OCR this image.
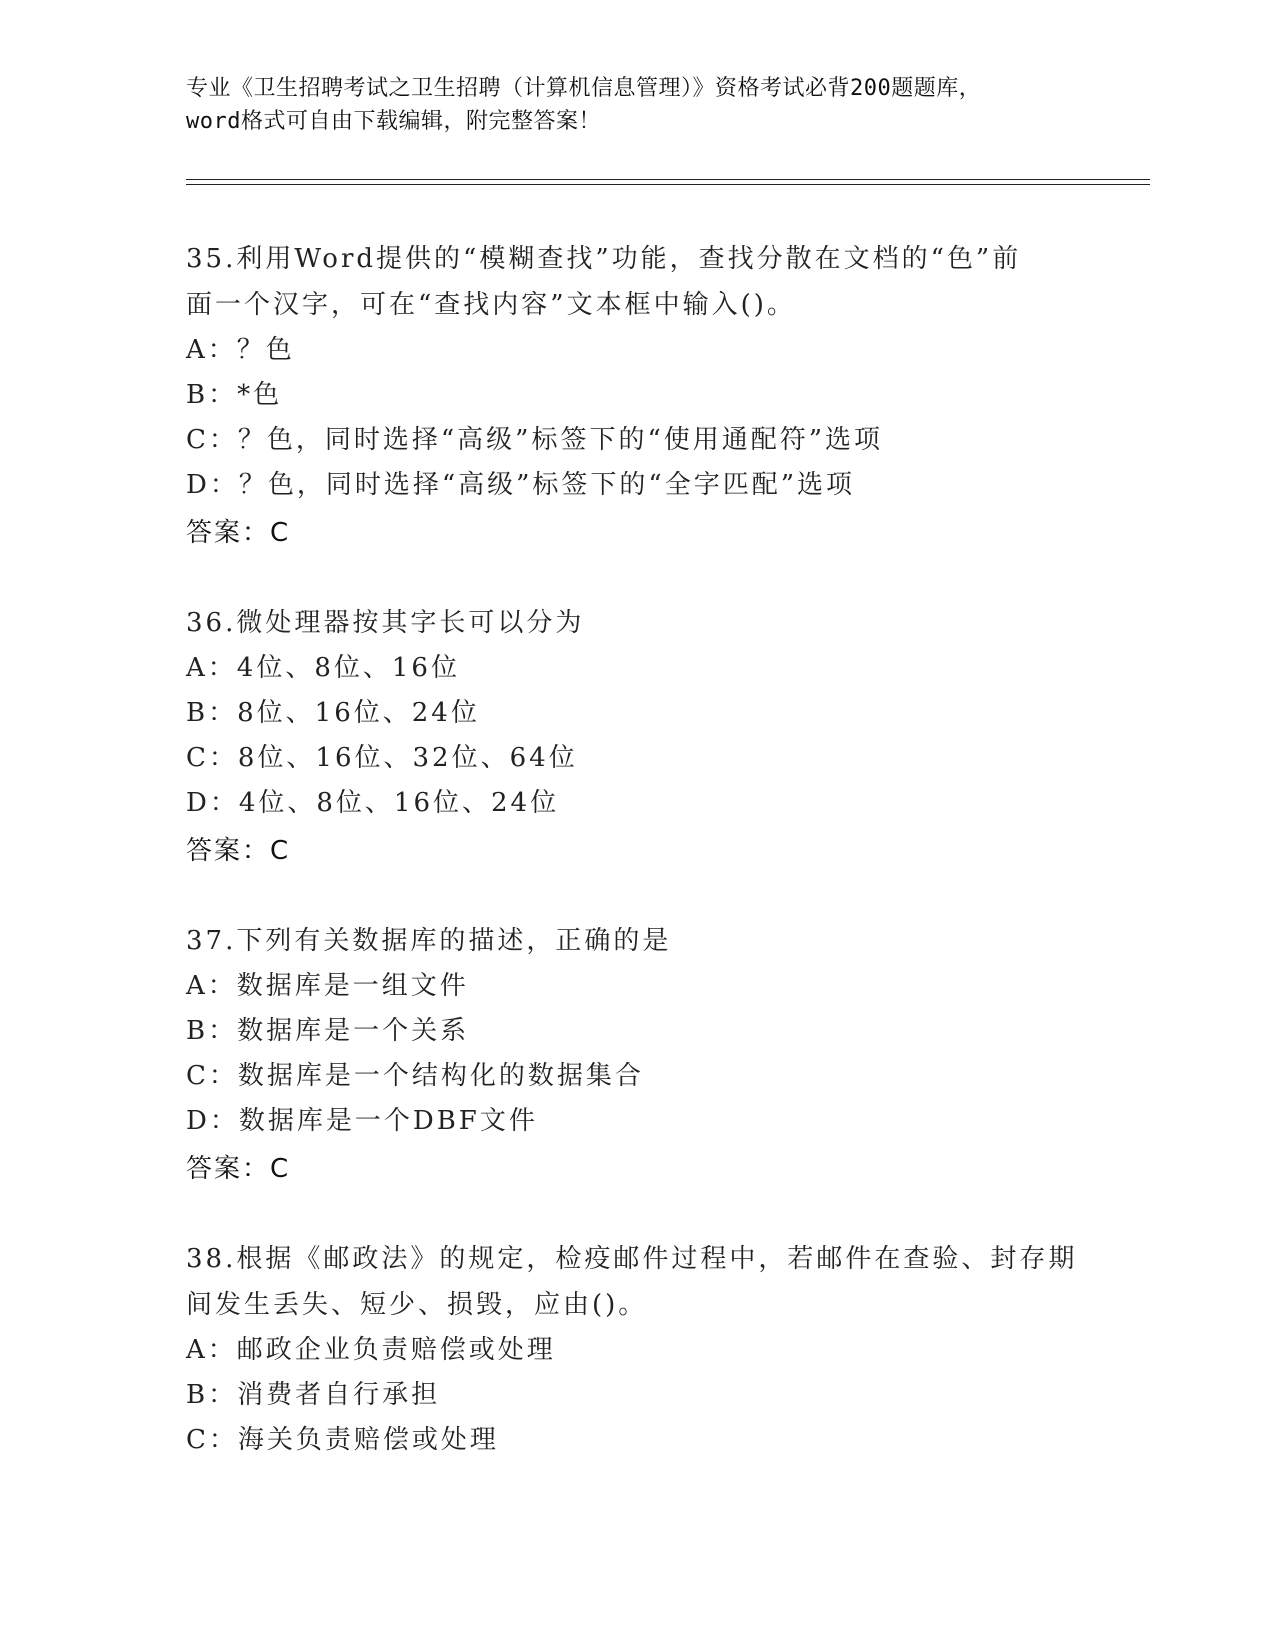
专业《卫生招聘考试之卫生招聘（计算机信息管理）》资格考试必背200题题库，
word格式可自由下载编辑，附完整答案！
35.利用Word提供的“模糊查找”功能，查找分散在文档的“色”前
面一个汉字，可在“查找内容”文本框中输入()。
A：？色
B：*色
C：？色，同时选择“高级”标签下的“使用通配符”选项
D：？色，同时选择“高级”标签下的“全字匹配”选项
答案：C
36.微处理器按其字长可以分为
A：4位、8位、16位
B：8位、16位、24位
C：8位、16位、32位、64位
D：4位、8位、16位、24位
答案：C
37.下列有关数据库的描述，正确的是
A：数据库是一组文件
B：数据库是一个关系
C：数据库是一个结构化的数据集合
D：数据库是一个DBF文件
答案：C
38.根据《邮政法》的规定，检疫邮件过程中，若邮件在查验、封存期
间发生丢失、短少、损毁，应由()。
A：邮政企业负责赔偿或处理
B：消费者自行承担
C：海关负责赔偿或处理
